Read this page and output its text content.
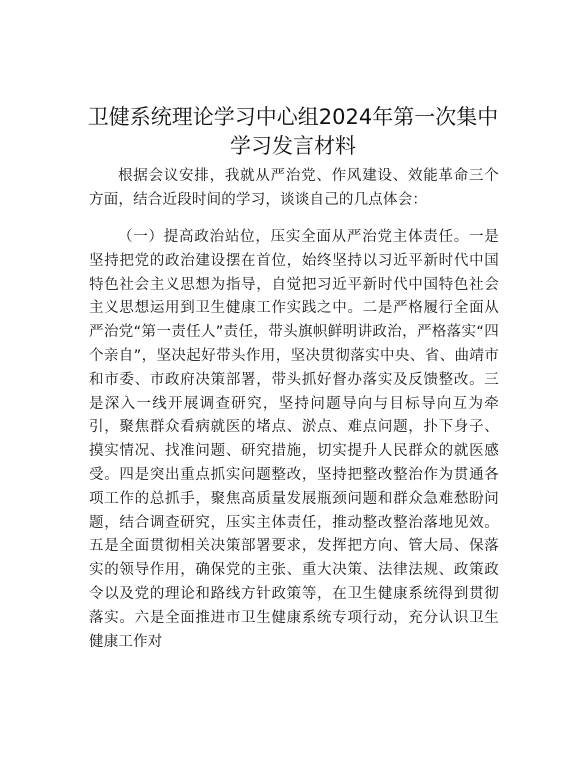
卫健系统理论学习中心组2024年第一次集中学习发言材料

根据会议安排，我就从严治党、作风建设、效能革命三个方面，结合近段时间的学习，谈谈自己的几点体会：

（一）提高政治站位，压实全面从严治党主体责任。一是坚持把党的政治建设摆在首位，始终坚持以习近平新时代中国特色社会主义思想为指导，自觉把习近平新时代中国特色社会主义思想运用到卫生健康工作实践之中。二是严格履行全面从严治党“第一责任人”责任，带头旗帜鲜明讲政治，严格落实“四个亲自”，坚决起好带头作用，坚决贯彻落实中央、省、曲靖市和市委、市政府决策部署，带头抓好督办落实及反馈整改。三是深入一线开展调查研究，坚持问题导向与目标导向互为牵引，聚焦群众看病就医的堵点、淤点、难点问题，扑下身子、摸实情况、找准问题、研究措施，切实提升人民群众的就医感受。四是突出重点抓实问题整改，坚持把整改整治作为贯通各项工作的总抓手，聚焦高质量发展瓶颈问题和群众急难愁盼问题，结合调查研究，压实主体责任，推动整改整治落地见效。五是全面贯彻相关决策部署要求，发挥把方向、管大局、保落实的领导作用，确保党的主张、重大决策、法律法规、政策政令以及党的理论和路线方针政策等，在卫生健康系统得到贯彻落实。六是全面推进市卫生健康系统专项行动，充分认识卫生健康工作对
